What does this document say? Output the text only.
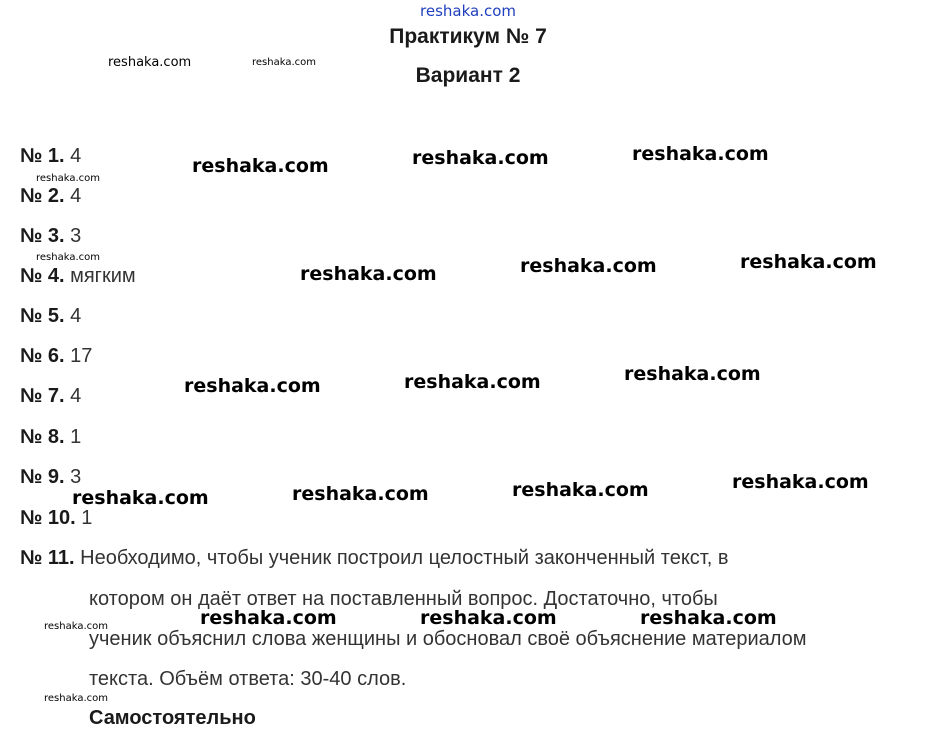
reshaka.com
Практикум № 7
Вариант 2
№ 1. 4
№ 2. 4
№ 3. 3
№ 4. мягким
№ 5. 4
№ 6. 17
№ 7. 4
№ 8. 1
№ 9. 3
№ 10. 1
№ 11. Необходимо, чтобы ученик построил целостный законченный текст, в
котором он даёт ответ на поставленный вопрос. Достаточно, чтобы
ученик объяснил слова женщины и обосновал своё объяснение материалом
текста. Объём ответа: 30-40 слов.
Самостоятельно
reshaka.com	reshaka.com
reshaka.com
reshaka.com
reshaka.com	reshaka.com	reshaka.com
reshaka.com	reshaka.com	reshaka.com
reshaka.com	reshaka.com	reshaka.com
reshaka.com	reshaka.com	reshaka.com	reshaka.com
reshaka.com	reshaka.com	reshaka.com
reshaka.com
reshaka.com
